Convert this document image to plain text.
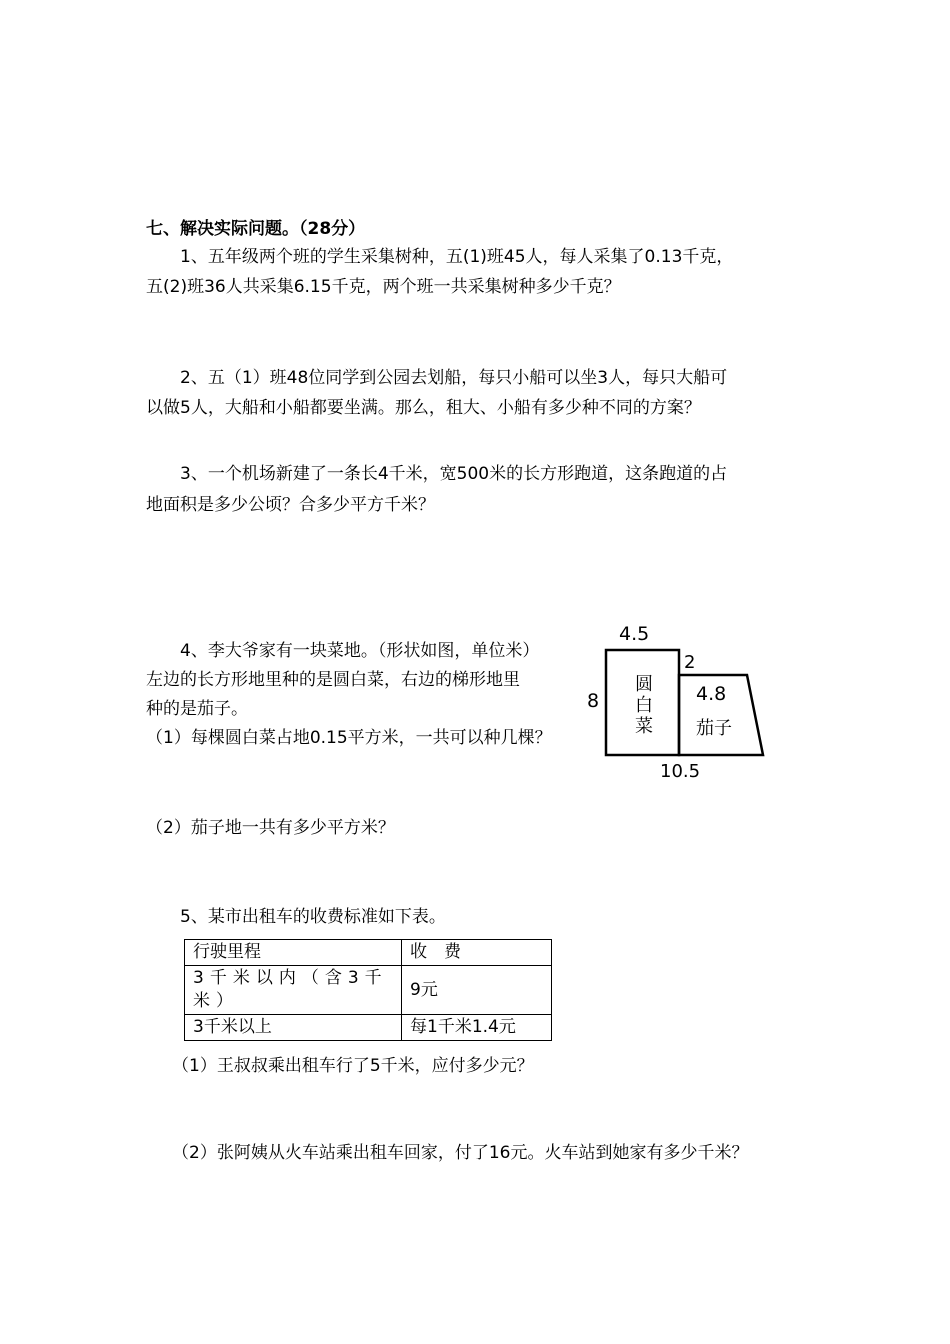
七、解决实际问题。（28分）
1、五年级两个班的学生采集树种，五(1)班45人，每人采集了0.13千克，
五(2)班36人共采集6.15千克，两个班一共采集树种多少千克？
2、五（1）班48位同学到公园去划船，每只小船可以坐3人，每只大船可
以做5人，大船和小船都要坐满。那么，租大、小船有多少种不同的方案？
3、一个机场新建了一条长4千米，宽500米的长方形跑道，这条跑道的占
地面积是多少公顷？合多少平方千米？
4、李大爷家有一块菜地。（形状如图，单位米）
左边的长方形地里种的是圆白菜，右边的梯形地里
种的是茄子。
（1）每棵圆白菜占地0.15平方米，一共可以种几棵？
4.5
2
8	4.8
10.5
圆
白
菜 茄子
（2）茄子地一共有多少平方米？
5、某市出租车的收费标准如下表。
行驶里程	收　费
3千米以内（含3千米）	9元
3千米以上	每1千米1.4元
（1）王叔叔乘出租车行了5千米，应付多少元？
（2）张阿姨从火车站乘出租车回家，付了16元。火车站到她家有多少千米？
